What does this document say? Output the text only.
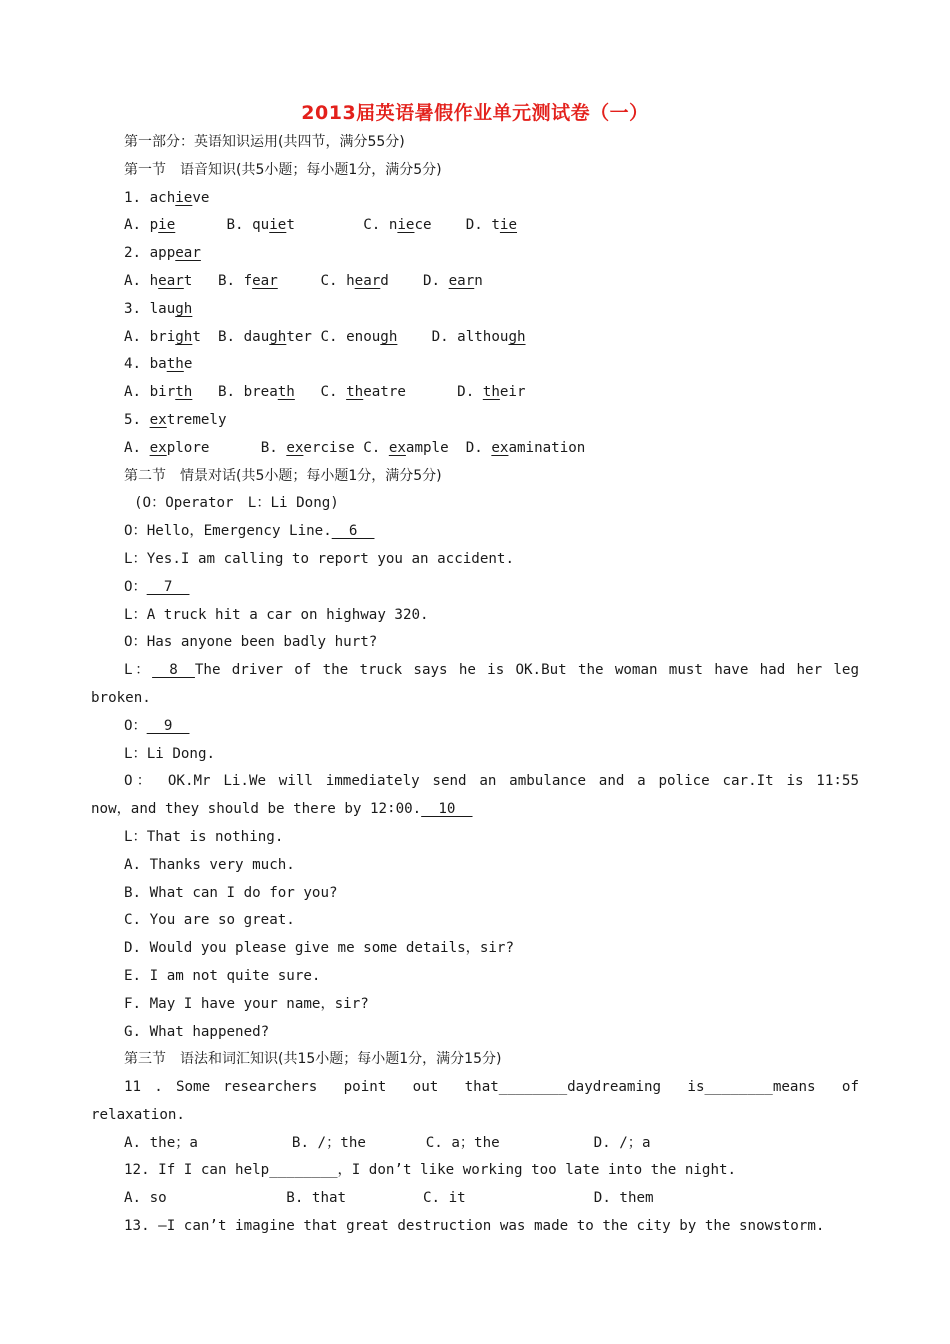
2013届英语暑假作业单元测试卷（一）
第一部分：英语知识运用(共四节，满分55分)
第一节　语音知识(共5小题；每小题1分，满分5分)
1. achieve
A. pie	B. quiet	C. niece D. tie
2. appear
A. heart B. fear	C. heard D. earn
3. laugh
A. bright B. daughter C. enough D. although
4. bathe
A. birth B. breath C. theatre	D. their
5. extremely
A. explore	B. exercise C. example D. examination
第二节　情景对话(共5小题；每小题1分，满分5分)
(O：Operator　L：Li Dong)
O：Hello，Emergency Line.__6__
L：Yes.I am calling to report you an accident.
O：__7__
L：A truck hit a car on highway 320.
O：Has anyone been badly hurt?
L：__8__The driver of the truck says he is OK.But the woman must have had her leg
broken.
O：__9__
L：Li Dong.
O： OK.Mr Li.We will immediately send an ambulance and a police car.It is 11∶55
now，and they should be there by 12∶00.__10__
L：That is nothing.
A. Thanks very much.
B. What can I do for you?
C. You are so great.
D. Would you please give me some details，sir?
E. I am not quite sure.
F. May I have your name，sir?
G. What happened?
第三节　语法和词汇知识(共15小题；每小题1分，满分15分)
11 . Some researchers  point  out  that________daydreaming  is________means  of
relaxation.
A. the；a           B. /；the       C. a；the           D. /；a
12. If I can help________，I don’t like working too late into the night.
A. so              B. that         C. it               D. them
13. —I can’t imagine that great destruction was made to the city by the snowstorm.
